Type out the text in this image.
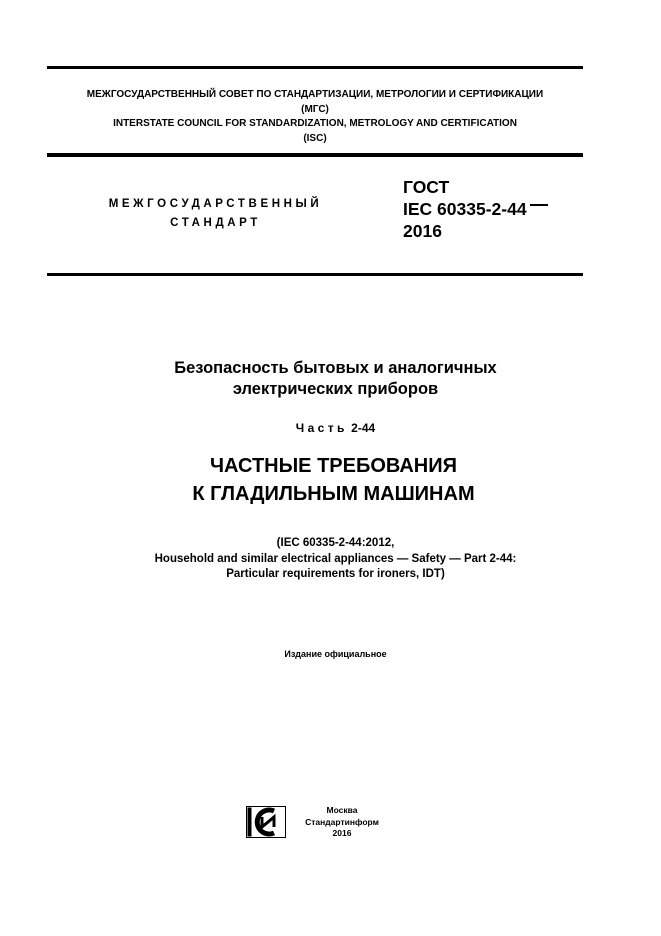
МЕЖГОСУДАРСТВЕННЫЙ СОВЕТ ПО СТАНДАРТИЗАЦИИ, МЕТРОЛОГИИ И СЕРТИФИКАЦИИ
(МГС)
INTERSTATE COUNCIL FOR STANDARDIZATION, METROLOGY AND CERTIFICATION
(ISC)
МЕЖГОСУДАРСТВЕННЫЙ
СТАНДАРТ
ГОСТ
IEC 60335-2-44
2016
Безопасность бытовых и аналогичных
электрических приборов
Часть 2-44
ЧАСТНЫЕ ТРЕБОВАНИЯ
К ГЛАДИЛЬНЫМ МАШИНАМ
(IEC 60335-2-44:2012,
Household and similar electrical appliances — Safety — Part 2-44:
Particular requirements for ironers, IDT)
Издание официальное
Москва
Стандартинформ
2016
